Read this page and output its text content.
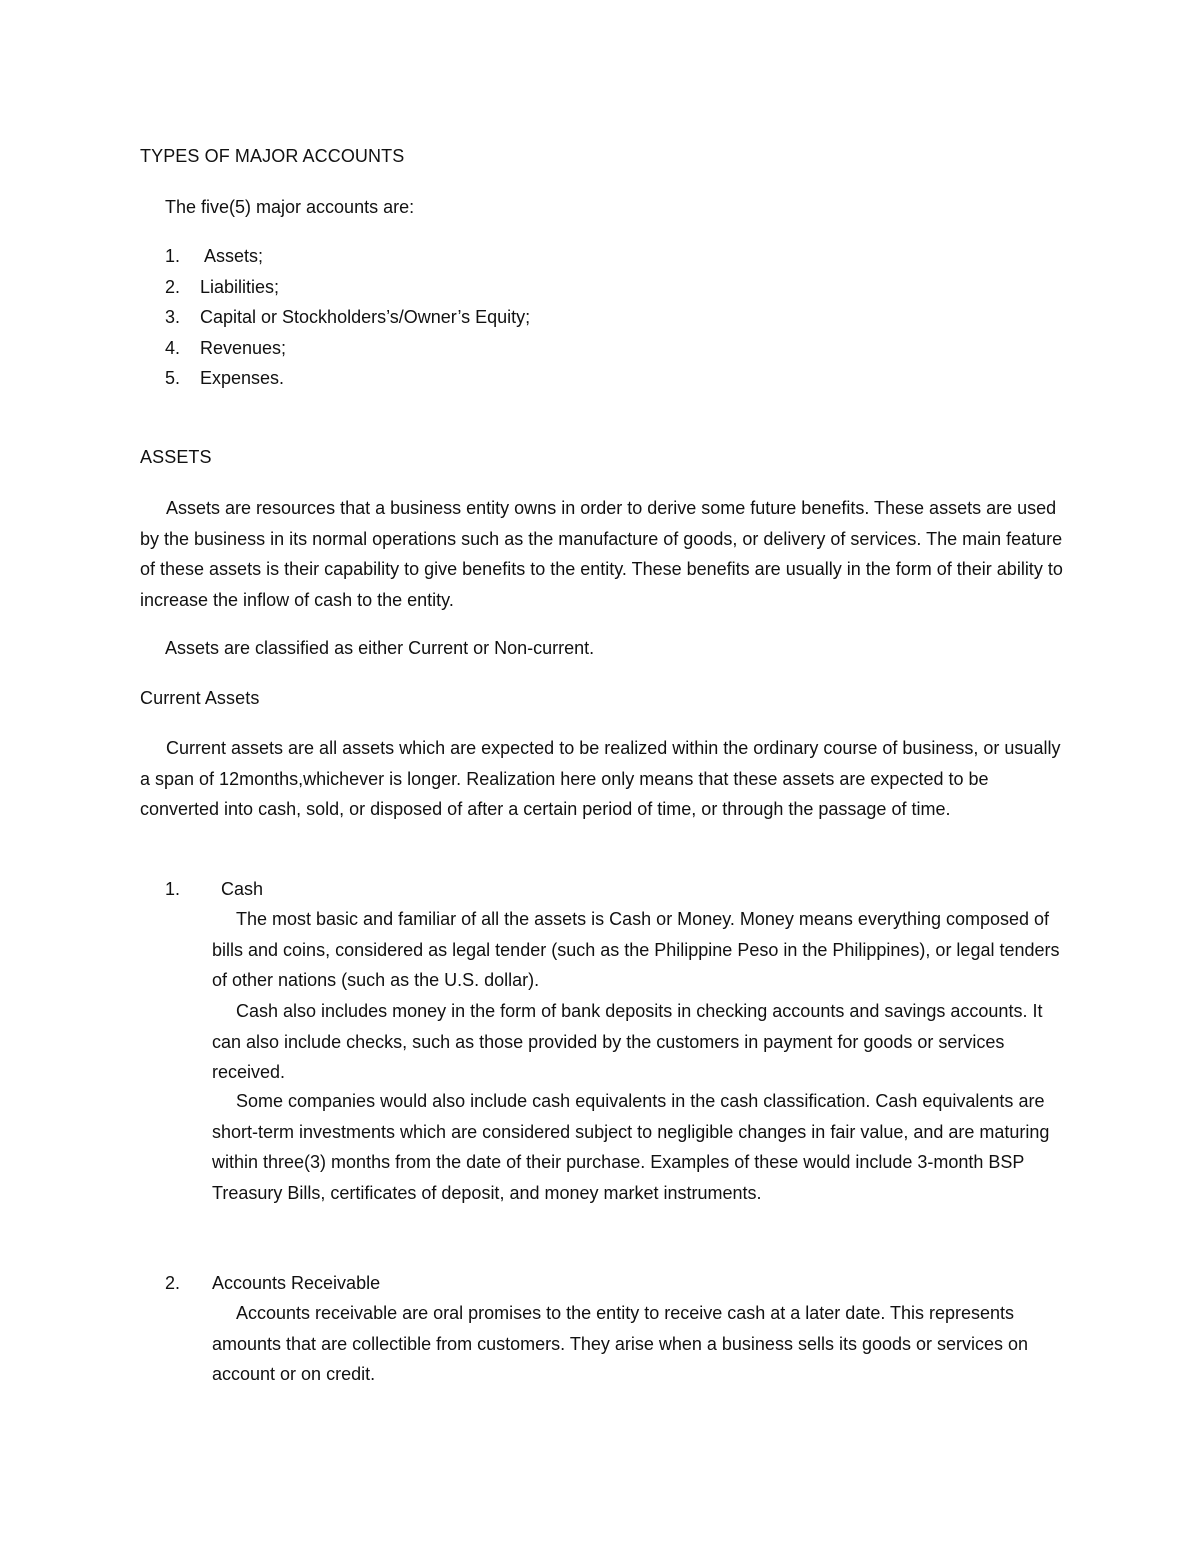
TYPES OF MAJOR ACCOUNTS

The five(5) major accounts are:

1. Assets;
2. Liabilities;
3. Capital or Stockholders’s/Owner’s Equity;
4. Revenues;
5. Expenses.
ASSETS

Assets are resources that a business entity owns in order to derive some future benefits. These assets are used by the business in its normal operations such as the manufacture of goods, or delivery of services. The main feature of these assets is their capability to give benefits to the entity. These benefits are usually in the form of their ability to increase the inflow of cash to the entity.

Assets are classified as either Current or Non-current.

Current Assets

Current assets are all assets which are expected to be realized within the ordinary course of business, or usually a span of 12months,whichever is longer. Realization here only means that these assets are expected to be converted into cash, sold, or disposed of after a certain period of time, or through the passage of time.

1. Cash

The most basic and familiar of all the assets is Cash or Money. Money means everything composed of bills and coins, considered as legal tender (such as the Philippine Peso in the Philippines), or legal tenders of other nations (such as the U.S. dollar).

Cash also includes money in the form of bank deposits in checking accounts and savings accounts. It can also include checks, such as those provided by the customers in payment for goods or services received.

Some companies would also include cash equivalents in the cash classification. Cash equivalents are short-term investments which are considered subject to negligible changes in fair value, and are maturing within three(3) months from the date of their purchase. Examples of these would include 3-month BSP Treasury Bills, certificates of deposit, and money market instruments.

2. Accounts Receivable

Accounts receivable are oral promises to the entity to receive cash at a later date. This represents amounts that are collectible from customers. They arise when a business sells its goods or services on account or on credit.
